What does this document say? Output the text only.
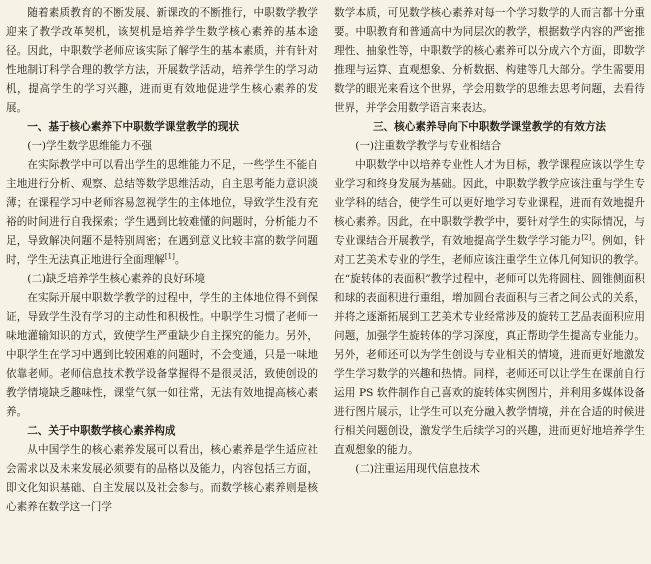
随着素质教育的不断发展、新课改的不断推行，中职数学教学迎来了教学改革契机，该契机是培养学生数学核心素养的基本途径。因此，中职数学老师应该实际了解学生的基本素质，并有针对性地制订科学合理的教学方法，开展数学活动，培养学生的学习动机，提高学生的学习兴趣，进而更有效地促进学生核心素养的发展。

一、基于核心素养下中职数学课堂教学的现状
(一)学生数学思维能力不强

在实际教学中可以看出学生的思维能力不足，一些学生不能自主地进行分析、观察、总结等数学思维活动，自主思考能力意识淡薄；在课程学习中老师容易忽视学生的主体地位，导致学生没有充裕的时间进行自我探索；学生遇到比较难懂的问题时，分析能力不足，导致解决问题不是特别周密；在遇到意义比较丰富的数学问题时，学生无法真正地进行全面理解[1]。

(二)缺乏培养学生核心素养的良好环境

在实际开展中职数学教学的过程中，学生的主体地位得不到保证，导致学生没有学习的主动性和积极性。中职学生习惯了老师一味地灌输知识的方式，致使学生严重缺少自主探究的能力。另外，中职学生在学习中遇到比较困难的问题时，不会变通，只是一味地依靠老师。老师信息技术教学设备掌握得不是很灵活，致使创设的教学情境缺乏趣味性，课堂气氛一如往常，无法有效地提高核心素养。

二、关于中职数学核心素养构成

从中国学生的核心素养发展可以看出，核心素养是学生适应社会需求以及未来发展必须要有的品格以及能力，内容包括三方面，即文化知识基础、自主发展以及社会参与。而数学核心素养则是核心素养在数学这一门学

数学本质，可见数学核心素养对每一个学习数学的人而言都十分重要。中职教育和普通高中为同层次的教学，根据数学内容的严密推理性、抽象性等，中职数学的核心素养可以分成六个方面，即数学推理与运算、直观想象、分析数据、构建等几大部分。学生需要用数学的眼光来看这个世界，学会用数学的思维去思考问题，去看待世界，并学会用数学语言来表达。

三、核心素养导向下中职数学课堂教学的有效方法
(一)注重数学教学与专业相结合

中职数学中以培养专业性人才为目标，教学课程应该以学生专业学习和终身发展为基础。因此，中职数学教学应该注重与学生专业学科的结合，使学生可以更好地学习专业课程，进而有效地提升核心素养。因此，在中职数学教学中，要针对学生的实际情况，与专业课结合开展教学，有效地提高学生数学学习能力[2]。例如，针对工艺美术专业的学生，老师应该注重学生立体几何知识的教学。在“旋转体的表面积”教学过程中，老师可以先将圆柱、圆锥侧面积和球的表面积进行重组，增加圆台表面积与三者之间公式的关系，并将之逐渐拓展到工艺美术专业经常涉及的旋转工艺品表面积应用问题，加强学生旋转体的学习深度，真正帮助学生提高专业能力。另外，老师还可以为学生创设与专业相关的情境，进而更好地激发学生学习数学的兴趣和热情。同样，老师还可以让学生在课前自行运用 PS 软件制作自己喜欢的旋转体实例图片，并利用多媒体设备进行图片展示，让学生可以充分融入教学情境，并在合适的时候进行相关问题创设，激发学生后续学习的兴趣，进而更好地培养学生直观想象的能力。

(二)注重运用现代信息技术
